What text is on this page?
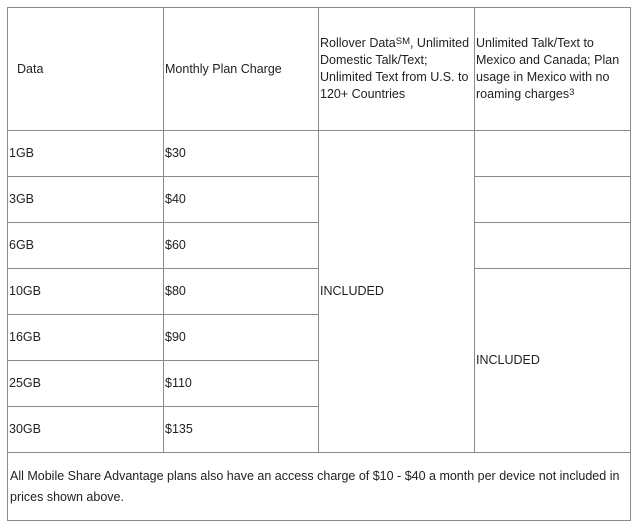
Data	Monthly Plan Charge	Rollover Data℠, Unlimited Domestic Talk/Text; Unlimited Text from U.S. to 120+ Countries	Unlimited Talk/Text to Mexico and Canada; Plan usage in Mexico with no roaming charges$^3$
1GB	$30	INCLUDED	
3GB	$40		
6GB	$60		
10GB	$80		INCLUDED
16GB	$90		
25GB	$110		
30GB	$135		
All Mobile Share Advantage plans also have an access charge of $10 - $40 a month per device not included in prices shown above.			
